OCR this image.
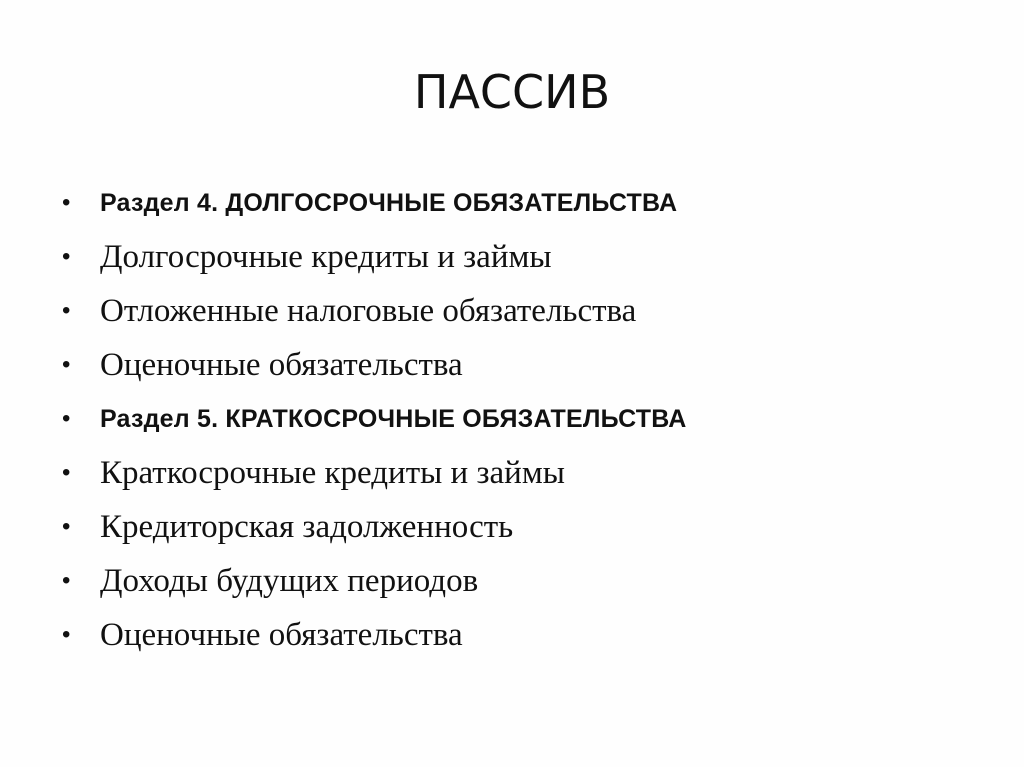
ПАССИВ
• Раздел 4. ДОЛГОСРОЧНЫЕ ОБЯЗАТЕЛЬСТВА
• Долгосрочные кредиты и займы
• Отложенные налоговые обязательства
• Оценочные обязательства
• Раздел 5. КРАТКОСРОЧНЫЕ ОБЯЗАТЕЛЬСТВА
• Краткосрочные кредиты и займы
• Кредиторская задолженность
• Доходы будущих периодов
• Оценочные обязательства
